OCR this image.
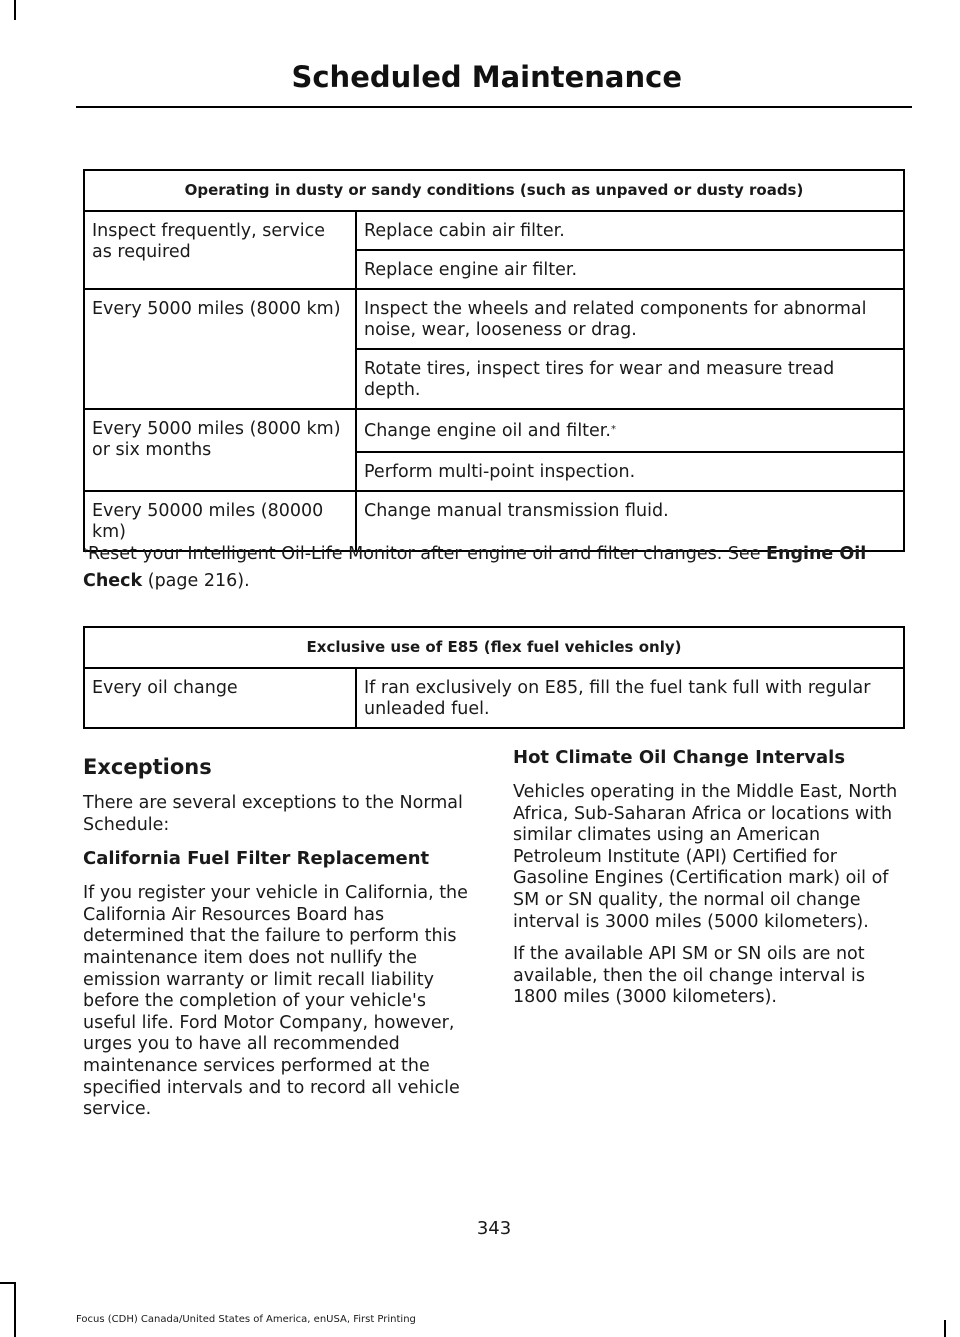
Scheduled Maintenance
Operating in dusty or sandy conditions (such as unpaved or dusty roads)	
Inspect frequently, service as required	Replace cabin air filter.
	Replace engine air filter.
Every 5000 miles (8000 km)	Inspect the wheels and related components for abnormal noise, wear, looseness or drag.
	Rotate tires, inspect tires for wear and measure tread depth.
Every 5000 miles (8000 km) or six months	Change engine oil and filter.*
	Perform multi-point inspection.
Every 50000 miles (80000 km)	Change manual transmission fluid.
*Reset your Intelligent Oil-Life Monitor after engine oil and filter changes. See Engine Oil Check (page 216).
Exclusive use of E85 (flex fuel vehicles only)
Every oil change	If ran exclusively on E85, fill the fuel tank full with regular unleaded fuel.
Exceptions

There are several exceptions to the Normal Schedule:

California Fuel Filter Replacement

If you register your vehicle in California, the California Air Resources Board has determined that the failure to perform this maintenance item does not nullify the emission warranty or limit recall liability before the completion of your vehicle's useful life. Ford Motor Company, however, urges you to have all recommended maintenance services performed at the specified intervals and to record all vehicle service.

Hot Climate Oil Change Intervals

Vehicles operating in the Middle East, North Africa, Sub-Saharan Africa or locations with similar climates using an American Petroleum Institute (API) Certified for Gasoline Engines (Certification mark) oil of SM or SN quality, the normal oil change interval is 3000 miles (5000 kilometers).

If the available API SM or SN oils are not available, then the oil change interval is 1800 miles (3000 kilometers).

343
Focus (CDH) Canada/United States of America, enUSA, First Printing
